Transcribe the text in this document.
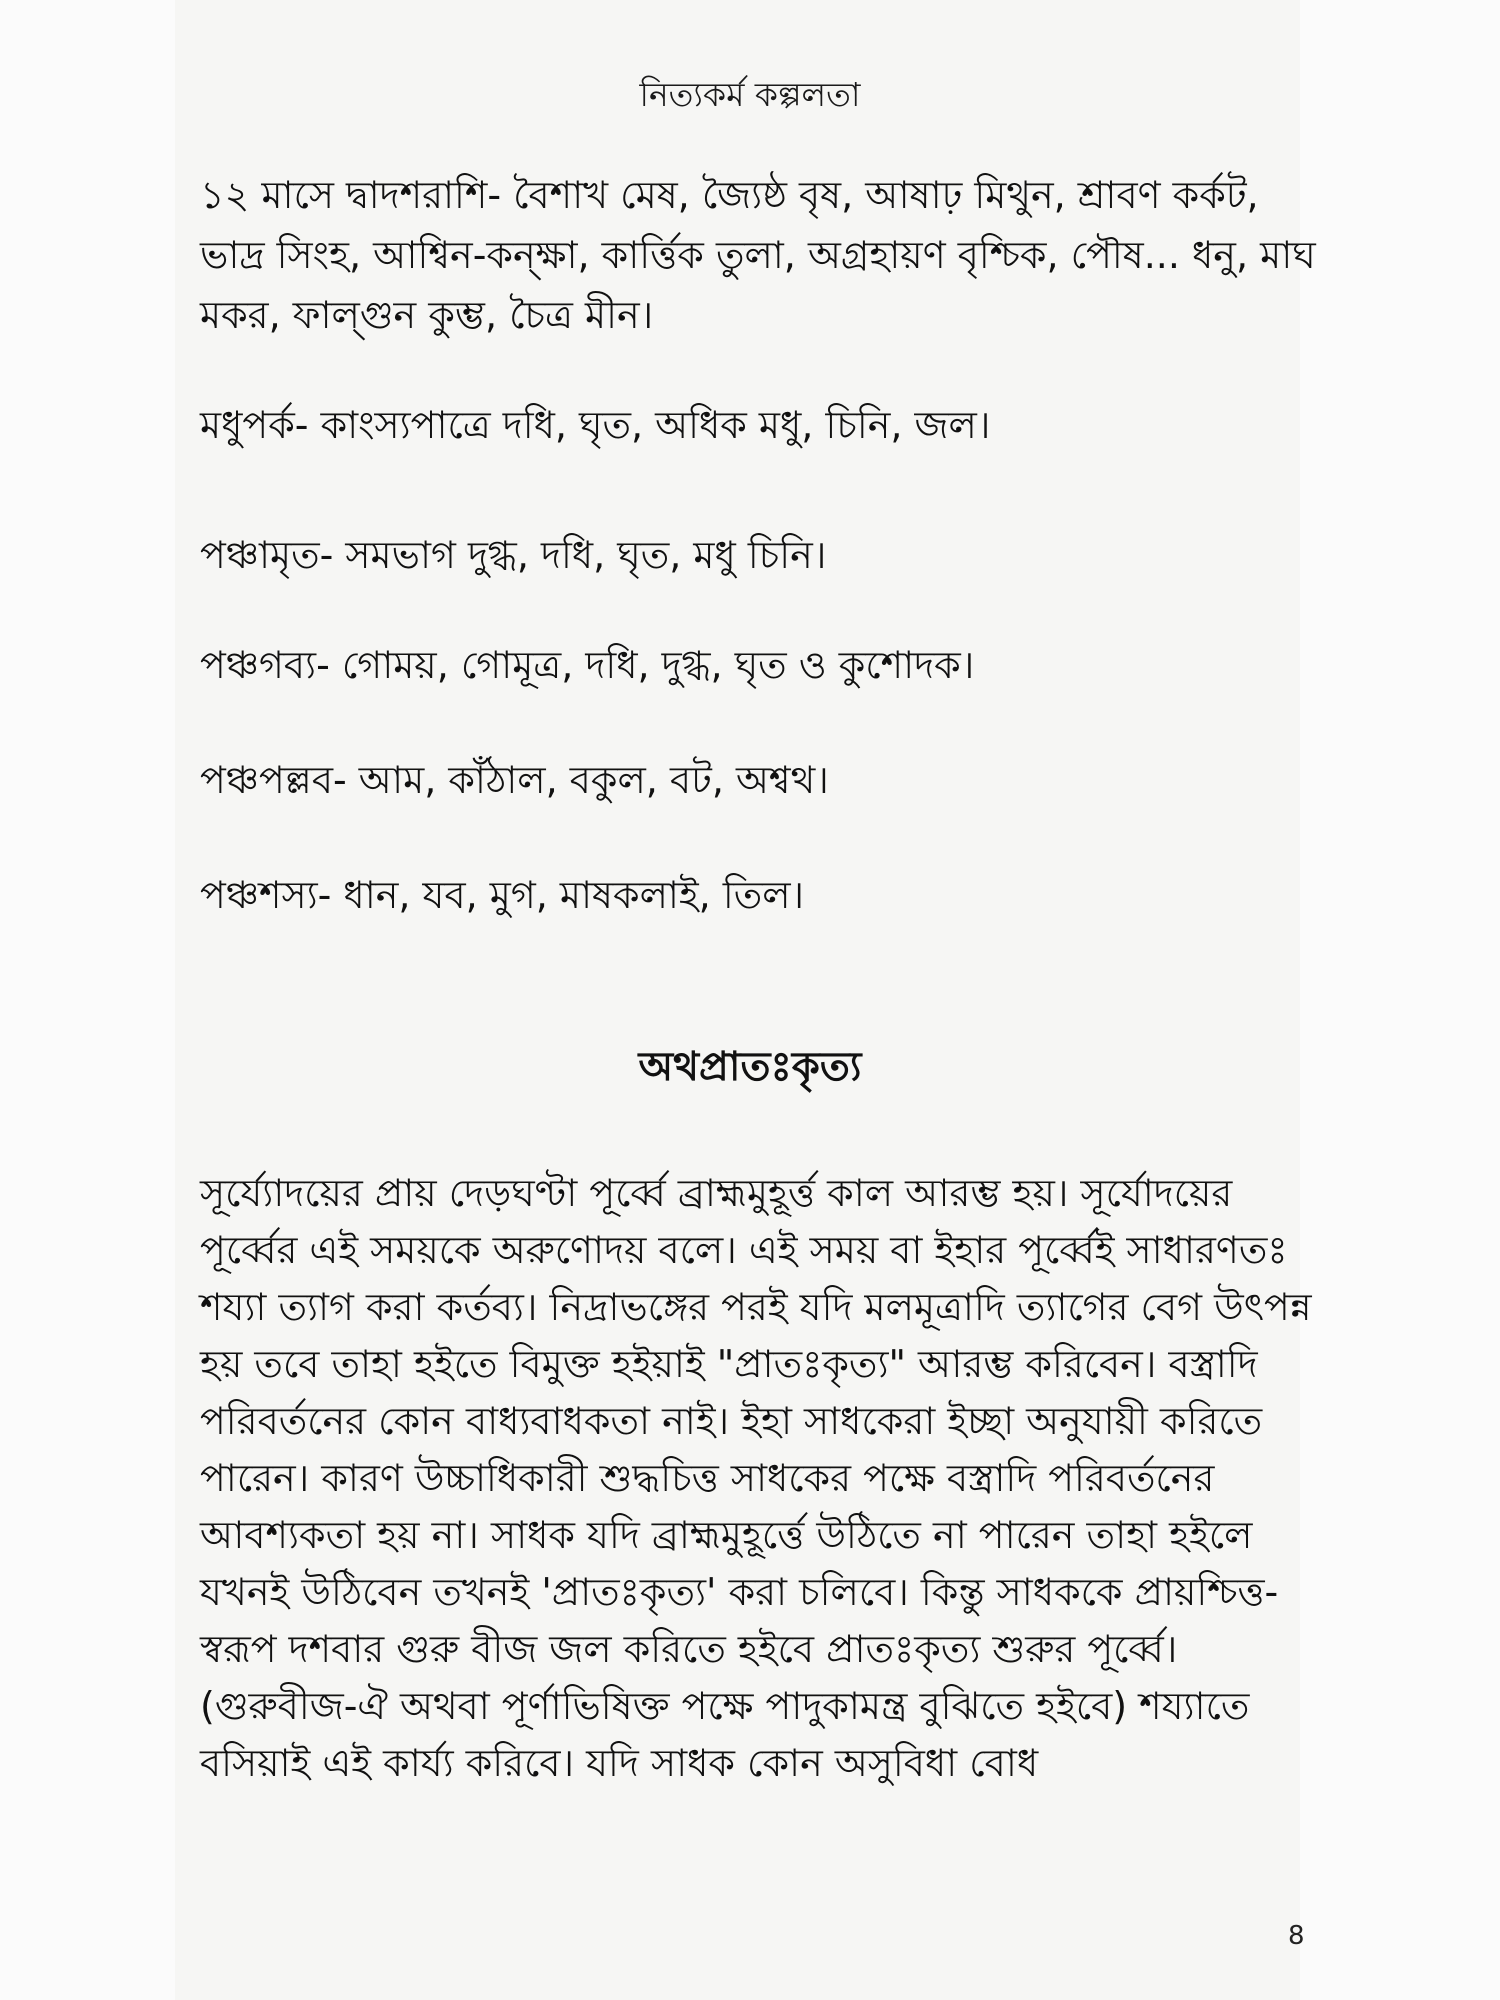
নিত্যকর্ম কল্পলতা
১২ মাসে দ্বাদশরাশি- বৈশাখ মেষ, জ্যৈষ্ঠ বৃষ, আষাঢ় মিথুন, শ্রাবণ কর্কট, ভাদ্র সিংহ, আশ্বিন-কন্ক্ষা, কার্ত্তিক তুলা, অগ্রহায়ণ বৃশ্চিক, পৌষ... ধনু, মাঘ মকর, ফাল্গুন কুম্ভ, চৈত্র মীন।
মধুপর্ক- কাংস্যপাত্রে দধি, ঘৃত, অধিক মধু, চিনি, জল।
পঞ্চামৃত- সমভাগ দুগ্ধ, দধি, ঘৃত, মধু চিনি।
পঞ্চগব্য- গোময়, গোমূত্র, দধি, দুগ্ধ, ঘৃত ও কুশোদক।
পঞ্চপল্লব- আম, কাঁঠাল, বকুল, বট, অশ্বথ।
পঞ্চশস্য- ধান, যব, মুগ, মাষকলাই, তিল।
অথপ্রাতঃকৃত্য

সূর্য্যোদয়ের প্রায় দেড়ঘণ্টা পূর্ব্বে ব্রাহ্মমুহূর্ত্ত কাল আরম্ভ হয়। সূর্যোদয়ের পূর্ব্বের এই সময়কে অরুণোদয় বলে। এই সময় বা ইহার পূর্ব্বেই সাধারণতঃ শয্যা ত্যাগ করা কর্তব্য। নিদ্রাভঙ্গের পরই যদি মলমূত্রাদি ত্যাগের বেগ উৎপন্ন হয় তবে তাহা হইতে বিমুক্ত হইয়াই "প্রাতঃকৃত্য" আরম্ভ করিবেন। বস্ত্রাদি পরিবর্তনের কোন বাধ্যবাধকতা নাই। ইহা সাধকেরা ইচ্ছা অনুযায়ী করিতে পারেন। কারণ উচ্চাধিকারী শুদ্ধচিত্ত সাধকের পক্ষে বস্ত্রাদি পরিবর্তনের আবশ্যকতা হয় না। সাধক যদি ব্রাহ্মমুহূর্ত্তে উঠিতে না পারেন তাহা হইলে যখনই উঠিবেন তখনই 'প্রাতঃকৃত্য' করা চলিবে। কিন্তু সাধককে প্রায়শ্চিত্ত-স্বরূপ দশবার গুরু বীজ জল করিতে হইবে প্রাতঃকৃত্য শুরুর পূর্ব্বে। (গুরুবীজ-ঐ অথবা পূর্ণাভিষিক্ত পক্ষে পাদুকামন্ত্র বুঝিতে হইবে) শয্যাতে বসিয়াই এই কার্য্য করিবে। যদি সাধক কোন অসুবিধা বোধ

8
